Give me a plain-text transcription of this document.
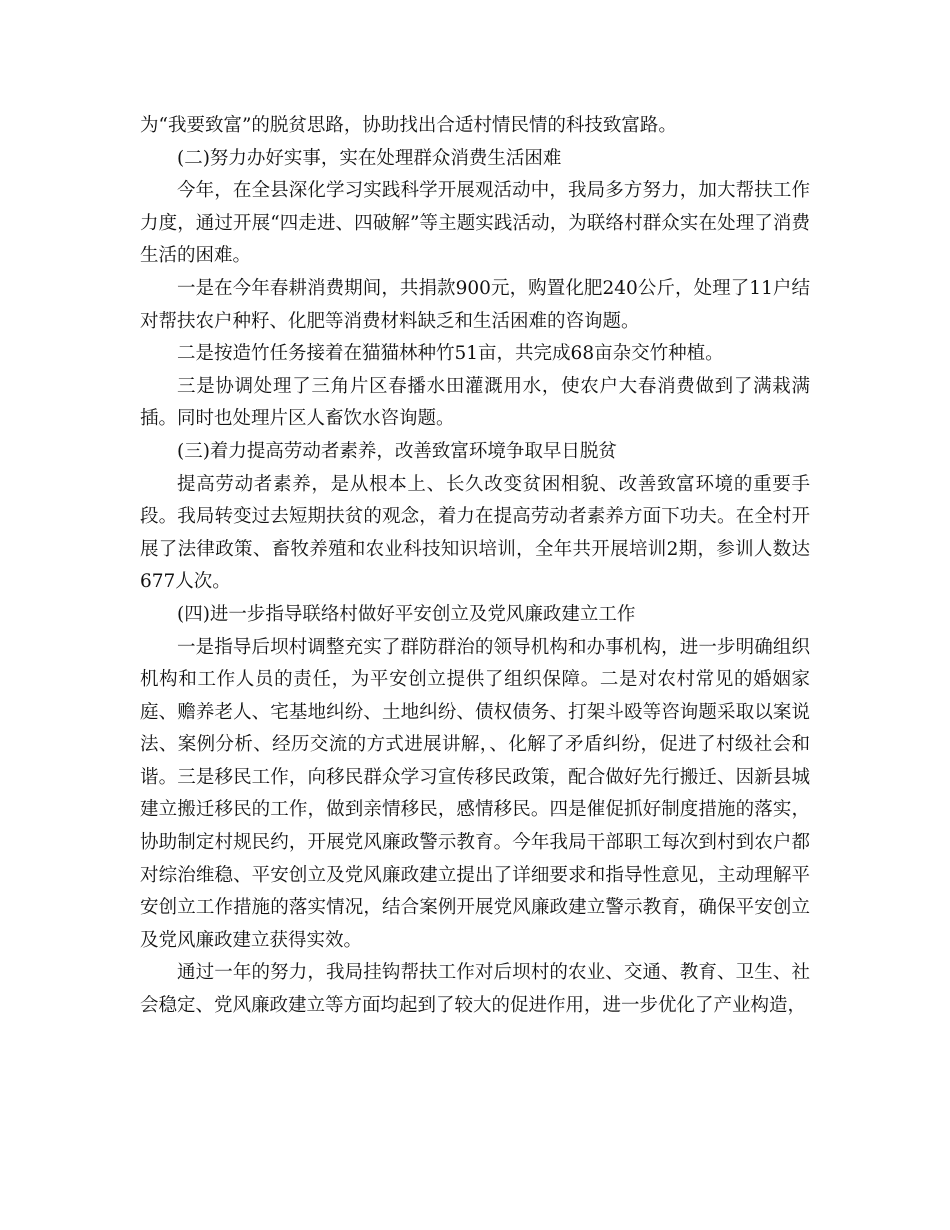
为“我要致富”的脱贫思路，协助找出合适村情民情的科技致富路。

(二)努力办好实事，实在处理群众消费生活困难

今年，在全县深化学习实践科学开展观活动中，我局多方努力，加大帮扶工作力度，通过开展“四走进、四破解”等主题实践活动，为联络村群众实在处理了消费生活的困难。

一是在今年春耕消费期间，共捐款900元，购置化肥240公斤，处理了11户结对帮扶农户种籽、化肥等消费材料缺乏和生活困难的咨询题。

二是按造竹任务接着在猫猫林种竹51亩，共完成68亩杂交竹种植。

三是协调处理了三角片区春播水田灌溉用水，使农户大春消费做到了满栽满插。同时也处理片区人畜饮水咨询题。

(三)着力提高劳动者素养，改善致富环境争取早日脱贫

提高劳动者素养，是从根本上、长久改变贫困相貌、改善致富环境的重要手段。我局转变过去短期扶贫的观念，着力在提高劳动者素养方面下功夫。在全村开展了法律政策、畜牧养殖和农业科技知识培训，全年共开展培训2期，参训人数达677人次。

(四)进一步指导联络村做好平安创立及党风廉政建立工作

一是指导后坝村调整充实了群防群治的领导机构和办事机构，进一步明确组织机构和工作人员的责任，为平安创立提供了组织保障。二是对农村常见的婚姻家庭、赡养老人、宅基地纠纷、土地纠纷、债权债务、打架斗殴等咨询题采取以案说法、案例分析、经历交流的方式进展讲解，、化解了矛盾纠纷，促进了村级社会和谐。三是移民工作，向移民群众学习宣传移民政策，配合做好先行搬迁、因新县城建立搬迁移民的工作，做到亲情移民，感情移民。四是催促抓好制度措施的落实，协助制定村规民约，开展党风廉政警示教育。今年我局干部职工每次到村到农户都对综治维稳、平安创立及党风廉政建立提出了详细要求和指导性意见，主动理解平安创立工作措施的落实情况，结合案例开展党风廉政建立警示教育，确保平安创立及党风廉政建立获得实效。

通过一年的努力，我局挂钩帮扶工作对后坝村的农业、交通、教育、卫生、社会稳定、党风廉政建立等方面均起到了较大的促进作用，进一步优化了产业构造，
